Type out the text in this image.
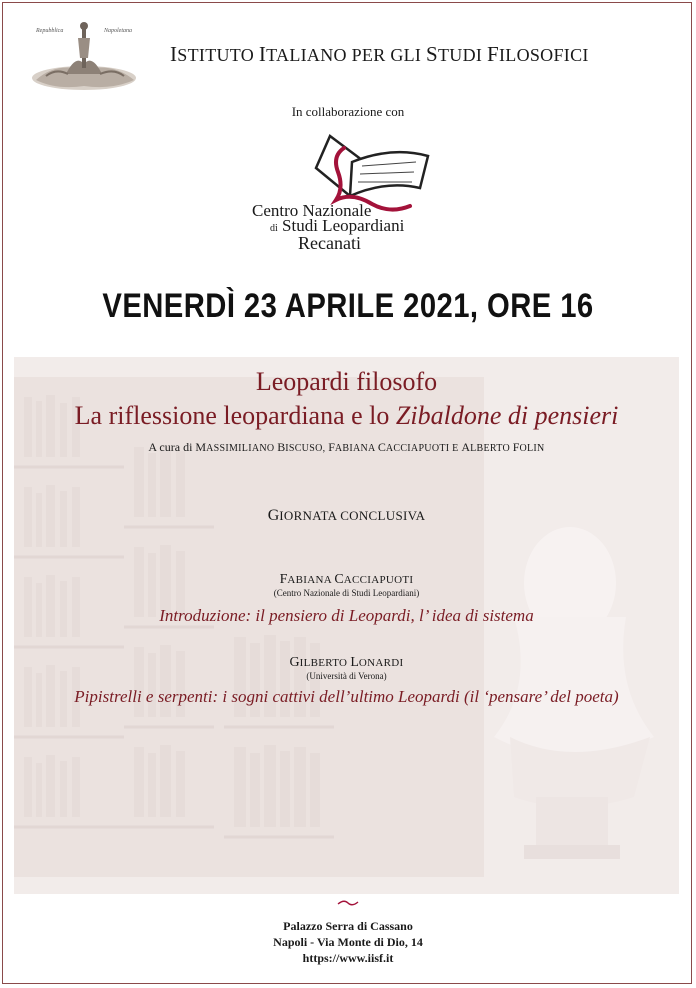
Repubblica	Napoletana
ISTITUTO ITALIANO PER GLI STUDI FILOSOFICI
In collaborazione con
Centro Nazionale
di Studi Leopardiani
Recanati
VENERDÌ 23 APRILE 2021, ORE 16
Leopardi filosofo
La riflessione leopardiana e lo Zibaldone di pensieri
A cura di MASSIMILIANO BISCUSO, FABIANA CACCIAPUOTI E ALBERTO FOLIN
GIORNATA CONCLUSIVA
FABIANA CACCIAPUOTI
(Centro Nazionale di Studi Leopardiani)
Introduzione: il pensiero di Leopardi, l’ idea di sistema
GILBERTO LONARDI
(Università di Verona)
Pipistrelli e serpenti: i sogni cattivi dell’ultimo Leopardi (il ‘pensare’ del poeta)
Palazzo Serra di Cassano
Napoli - Via Monte di Dio, 14
https://www.iisf.it
